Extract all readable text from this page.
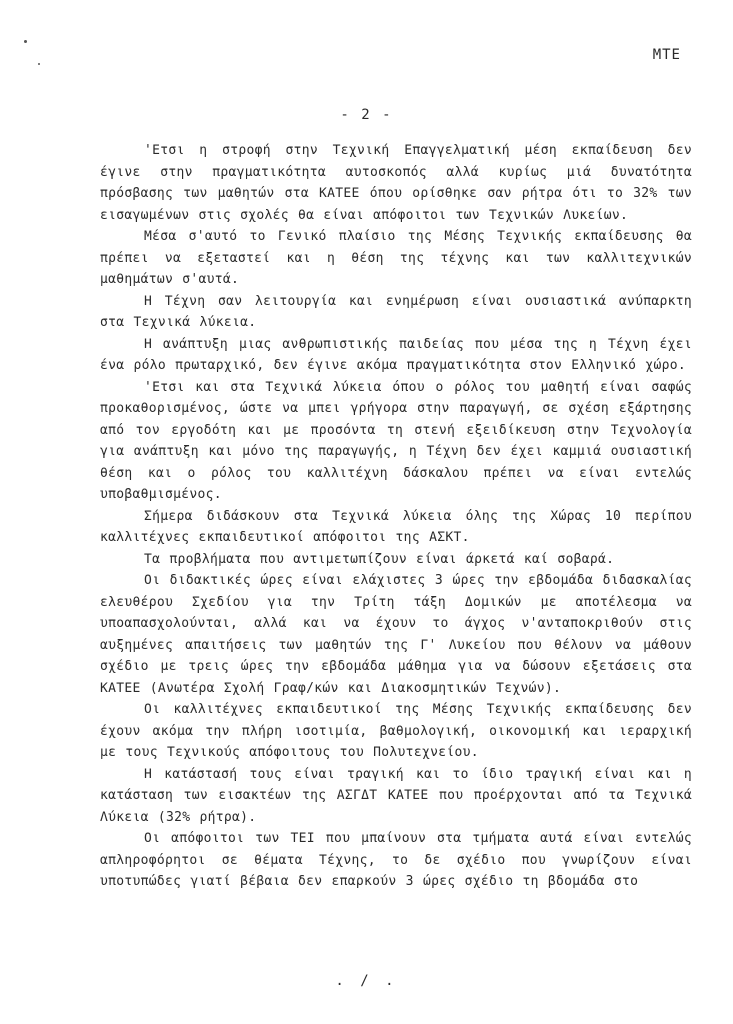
ΜΤΕ
- 2 -

'Ετσι η στροφή στην Τεχνική Επαγγελματική μέση εκπαίδευση δεν έγινε στην πραγματικότητα αυτοσκοπός αλλά κυρίως μιά δυνατότητα πρόσβασης των μαθητών στα ΚΑΤΕΕ όπου ορίσθηκε σαν ρήτρα ότι το 32% των εισαγωμένων στις σχολές θα είναι απόφοιτοι των Τεχνικών Λυκείων.

Μέσα σ'αυτό το Γενικό πλαίσιο της Μέσης Τεχνικής εκπαίδευσης θα πρέπει να εξεταστεί και η θέση της τέχνης και των καλλιτεχνικών μαθημάτων σ'αυτά.

Η Τέχνη σαν λειτουργία και ενημέρωση είναι ουσιαστικά ανύπαρκτη στα Τεχνικά λύκεια.

Η ανάπτυξη μιας ανθρωπιστικής παιδείας που μέσα της η Τέχνη έχει ένα ρόλο πρωταρχικό, δεν έγινε ακόμα πραγματικότητα στον Ελληνικό χώρο.

'Ετσι και στα Τεχνικά λύκεια όπου ο ρόλος του μαθητή είναι σαφώς προκαθορισμένος, ώστε να μπει γρήγορα στην παραγωγή, σε σχέση εξάρτησης από τον εργοδότη και με προσόντα τη στενή εξειδίκευση στην Τεχνολογία για ανάπτυξη και μόνο της παραγωγής, η Τέχνη δεν έχει καμμιά ουσιαστική θέση και ο ρόλος του καλλιτέχνη δάσκαλου πρέπει να είναι εντελώς υποβαθμισμένος.

Σήμερα διδάσκουν στα Τεχνικά λύκεια όλης της Χώρας 10 περίπου καλλιτέχνες εκπαιδευτικοί απόφοιτοι της ΑΣΚΤ.

Τα προβλήματα που αντιμετωπίζουν είναι άρκετά καί σοβαρά.

Οι διδακτικές ώρες είναι ελάχιστες 3 ώρες την εβδομάδα διδασκαλίας ελευθέρου Σχεδίου για την Τρίτη τάξη Δομικών με αποτέλεσμα να υποαπασχολούνται, αλλά και να έχουν το άγχος ν'ανταποκριθούν στις αυξημένες απαιτήσεις των μαθητών της Γ' Λυκείου που θέλουν να μάθουν σχέδιο με τρεις ώρες την εβδομάδα μάθημα για να δώσουν εξετάσεις στα ΚΑΤΕΕ (Ανωτέρα Σχολή Γραφ/κών και Διακοσμητικών Τεχνών).

Οι καλλιτέχνες εκπαιδευτικοί της Μέσης Τεχνικής εκπαίδευσης δεν έχουν ακόμα την πλήρη ισοτιμία, βαθμολογική, οικονομική και ιεραρχική με τους Τεχνικούς απόφοιτους του Πολυτεχνείου.

Η κατάστασή τους είναι τραγική και το ίδιο τραγική είναι και η κατάσταση των εισακτέων της ΑΣΓΔΤ ΚΑΤΕΕ που προέρχονται από τα Τεχνικά Λύκεια (32% ρήτρα).

Οι απόφοιτοι των ΤΕΙ που μπαίνουν στα τμήματα αυτά είναι εντελώς απληροφόρητοι σε θέματα Τέχνης, το δε σχέδιο που γνωρίζουν είναι υποτυπώδες γιατί βέβαια δεν επαρκούν 3 ώρες σχέδιο τη βδομάδα στο

. / .
